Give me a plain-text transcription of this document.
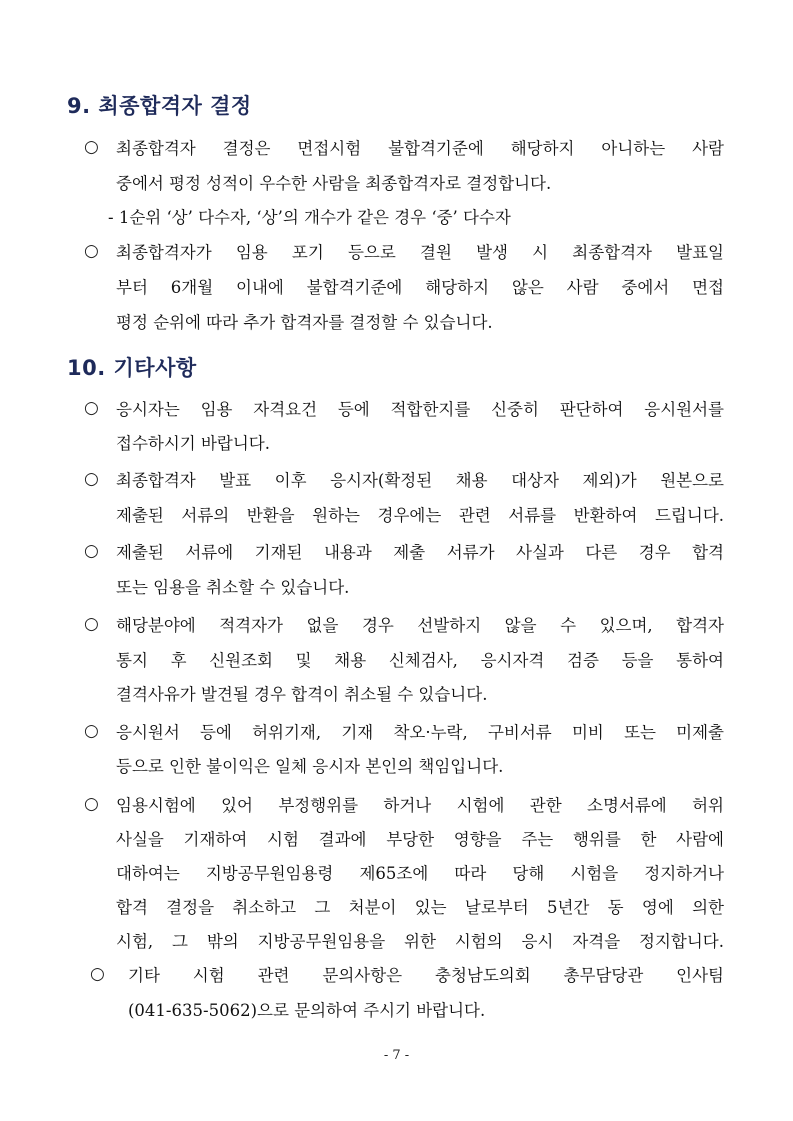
9. 최종합격자 결정
○	최종합격자 결정은 면접시험 불합격기준에 해당하지 아니하는 사람

중에서 평정 성적이 우수한 사람을 최종합격자로 결정합니다.

- 1순위 ‘상’ 다수자, ‘상’의 개수가 같은 경우 ‘중’ 다수자

○	최종합격자가 임용 포기 등으로 결원 발생 시 최종합격자 발표일

부터 6개월 이내에 불합격기준에 해당하지 않은 사람 중에서 면접

평정 순위에 따라 추가 합격자를 결정할 수 있습니다.

10. 기타사항
○	응시자는 임용 자격요건 등에 적합한지를 신중히 판단하여 응시원서를

접수하시기 바랍니다.

○	최종합격자 발표 이후 응시자(확정된 채용 대상자 제외)가 원본으로

제출된 서류의 반환을 원하는 경우에는 관련 서류를 반환하여 드립니다.

○	제출된 서류에 기재된 내용과 제출 서류가 사실과 다른 경우 합격

또는 임용을 취소할 수 있습니다.

○	해당분야에 적격자가 없을 경우 선발하지 않을 수 있으며, 합격자

통지 후 신원조회 및 채용 신체검사, 응시자격 검증 등을 통하여

결격사유가 발견될 경우 합격이 취소될 수 있습니다.

○	응시원서 등에 허위기재, 기재 착오·누락, 구비서류 미비 또는 미제출

등으로 인한 불이익은 일체 응시자 본인의 책임입니다.

○	임용시험에 있어 부정행위를 하거나 시험에 관한 소명서류에 허위

사실을 기재하여 시험 결과에 부당한 영향을 주는 행위를 한 사람에

대하여는 지방공무원임용령 제65조에 따라 당해 시험을 정지하거나

합격 결정을 취소하고 그 처분이 있는 날로부터 5년간 동 영에 의한

시험, 그 밖의 지방공무원임용을 위한 시험의 응시 자격을 정지합니다.

○	기타 시험 관련 문의사항은 충청남도의회 총무담당관 인사팀

(041-635-5062)으로 문의하여 주시기 바랍니다.

- 7 -
